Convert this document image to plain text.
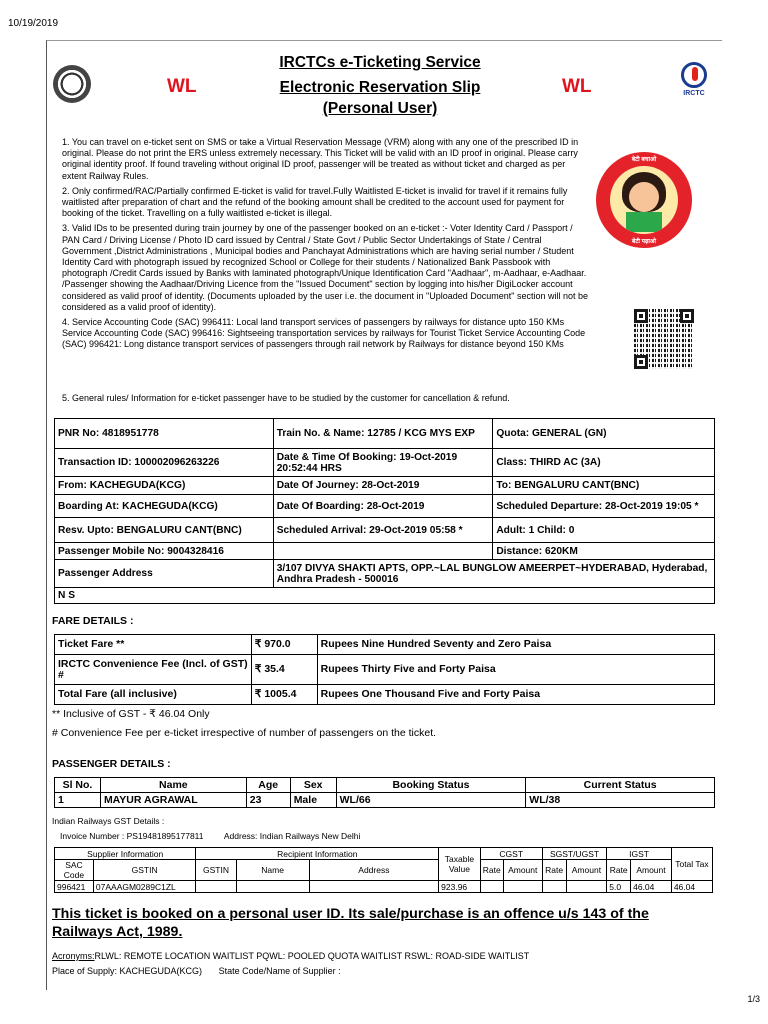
10/19/2019
WL
IRCTCs e-Ticketing Service
Electronic Reservation Slip
(Personal User)
WL	IRCTC
बेटी बचाओ
बेटी पढ़ाओ

1. You can travel on e-ticket sent on SMS or take a Virtual Reservation Message (VRM) along with any one of the prescribed ID in original. Please do not print the ERS unless extremely necessary. This Ticket will be valid with an ID proof in original. Please carry original identity proof. If found traveling without original ID proof, passenger will be treated as without ticket and charged as per extent Railway Rules.

2. Only confirmed/RAC/Partially confirmed E-ticket is valid for travel.Fully Waitlisted E-ticket is invalid for travel if it remains fully waitlisted after preparation of chart and the refund of the booking amount shall be credited to the account used for payment for booking of the ticket. Travelling on a fully waitlisted e-ticket is illegal.

3. Valid IDs to be presented during train journey by one of the passenger booked on an e-ticket :- Voter Identity Card / Passport / PAN Card / Driving License / Photo ID card issued by Central / State Govt / Public Sector Undertakings of State / Central Government ,District Administrations , Municipal bodies and Panchayat Administrations which are having serial number / Student Identity Card with photograph issued by recognized School or College for their students / Nationalized Bank Passbook with photograph /Credit Cards issued by Banks with laminated photograph/Unique Identification Card "Aadhaar", m-Aadhaar, e-Aadhaar. /Passenger showing the Aadhaar/Driving Licence from the "Issued Document" section by logging into his/her DigiLocker account considered as valid proof of identity. (Documents uploaded by the user i.e. the document in "Uploaded Document" section will not be considered as a valid proof of identity).

4. Service Accounting Code (SAC) 996411: Local land transport services of passengers by railways for distance upto 150 KMs Service Accounting Code (SAC) 996416: Sightseeing transportation services by railways for Tourist Ticket Service Accounting Code (SAC) 996421: Long distance transport services of passengers through rail network by Railways for distance beyond 150 KMs

5. General rules/ Information for e-ticket passenger have to be studied by the customer for cancellation & refund.
PNR No: 4818951778	Train No. & Name: 12785 / KCG MYS EXP	Quota: GENERAL (GN)
Transaction ID: 100002096263226	Date & Time Of Booking: 19-Oct-2019 20:52:44 HRS	Class: THIRD AC (3A)
From: KACHEGUDA(KCG)	Date Of Journey: 28-Oct-2019	To: BENGALURU CANT(BNC)
Boarding At: KACHEGUDA(KCG)	Date Of Boarding: 28-Oct-2019	Scheduled Departure: 28-Oct-2019 19:05 *
Resv. Upto: BENGALURU CANT(BNC)	Scheduled Arrival: 29-Oct-2019 05:58 *	Adult: 1 Child: 0
Passenger Mobile No: 9004328416		Distance: 620KM
Passenger Address	3/107 DIVYA SHAKTI APTS, OPP.~LAL BUNGLOW AMEERPET~HYDERABAD, Hyderabad, Andhra Pradesh - 500016	
N S		
FARE DETAILS :
Ticket Fare **	₹ 970.0	Rupees Nine Hundred Seventy and Zero Paisa
IRCTC Convenience Fee (Incl. of GST) #	₹ 35.4	Rupees Thirty Five and Forty Paisa
Total Fare (all inclusive)	₹ 1005.4	Rupees One Thousand Five and Forty Paisa
** Inclusive of GST - ₹ 46.04 Only
# Convenience Fee per e-ticket irrespective of number of passengers on the ticket.
PASSENGER DETAILS :
Sl No.	Name	Age	Sex	Booking Status	Current Status
1	MAYUR AGRAWAL	23	Male	WL/66	WL/38
Indian Railways GST Details :
Invoice Number : PS19481895177811 Address: Indian Railways New Delhi
Supplier Information		Recipient Information			Taxable Value	CGST		SGST/UGST		IGST		Total Tax
SAC Code	GSTIN	GSTIN	Name	Address		Rate	Amount	Rate	Amount	Rate	Amount	
996421	07AAAGM0289C1ZL				923.96					5.0	46.04	46.04
This ticket is booked on a personal user ID. Its sale/purchase is an offence u/s 143 of the Railways Act, 1989.
Acronyms:RLWL: REMOTE LOCATION WAITLIST PQWL: POOLED QUOTA WAITLIST RSWL: ROAD-SIDE WAITLIST
Place of Supply: KACHEGUDA(KCG) State Code/Name of Supplier :
1/3
